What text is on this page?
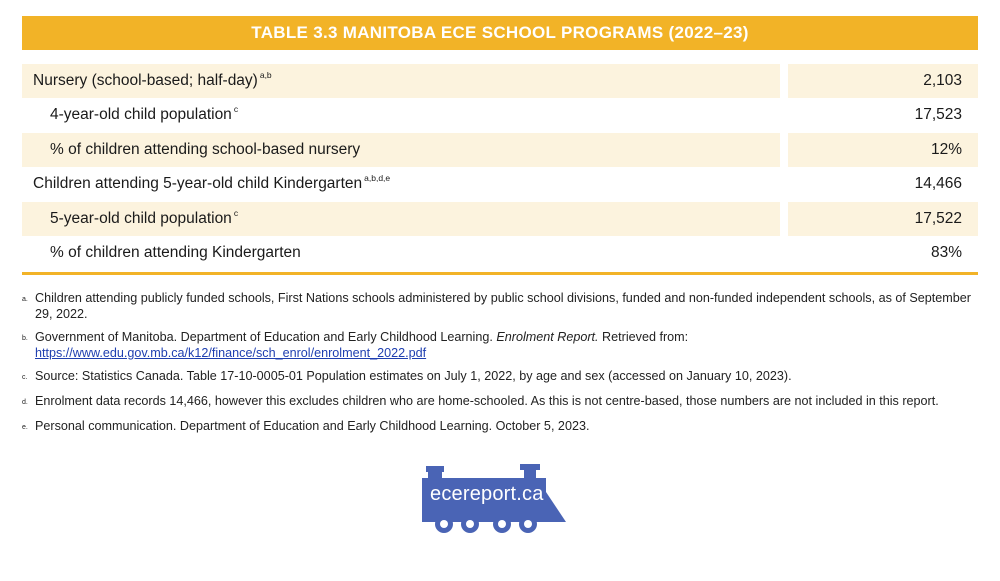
TABLE 3.3 MANITOBA ECE SCHOOL PROGRAMS (2022–23)
Nursery (school-based; half-day) $^{a,b}$		2,103
4-year-old child population $^c$		17,523
% of children attending school-based nursery		12%
Children attending 5-year-old child Kindergarten $^{a,b,d,e}$		14,466
5-year-old child population $^c$		17,522
% of children attending Kindergarten		83%
a. Children attending publicly funded schools, First Nations schools administered by public school divisions, funded and non-funded independent schools, as of September 29, 2022.
b. Government of Manitoba. Department of Education and Early Childhood Learning. Enrolment Report. Retrieved from: https://www.edu.gov.mb.ca/k12/finance/sch_enrol/enrolment_2022.pdf
c. Source: Statistics Canada. Table 17-10-0005-01 Population estimates on July 1, 2022, by age and sex (accessed on January 10, 2023).
d. Enrolment data records 14,466, however this excludes children who are home-schooled. As this is not centre-based, those numbers are not included in this report.
e. Personal communication. Department of Education and Early Childhood Learning. October 5, 2023.
ecereport.ca
